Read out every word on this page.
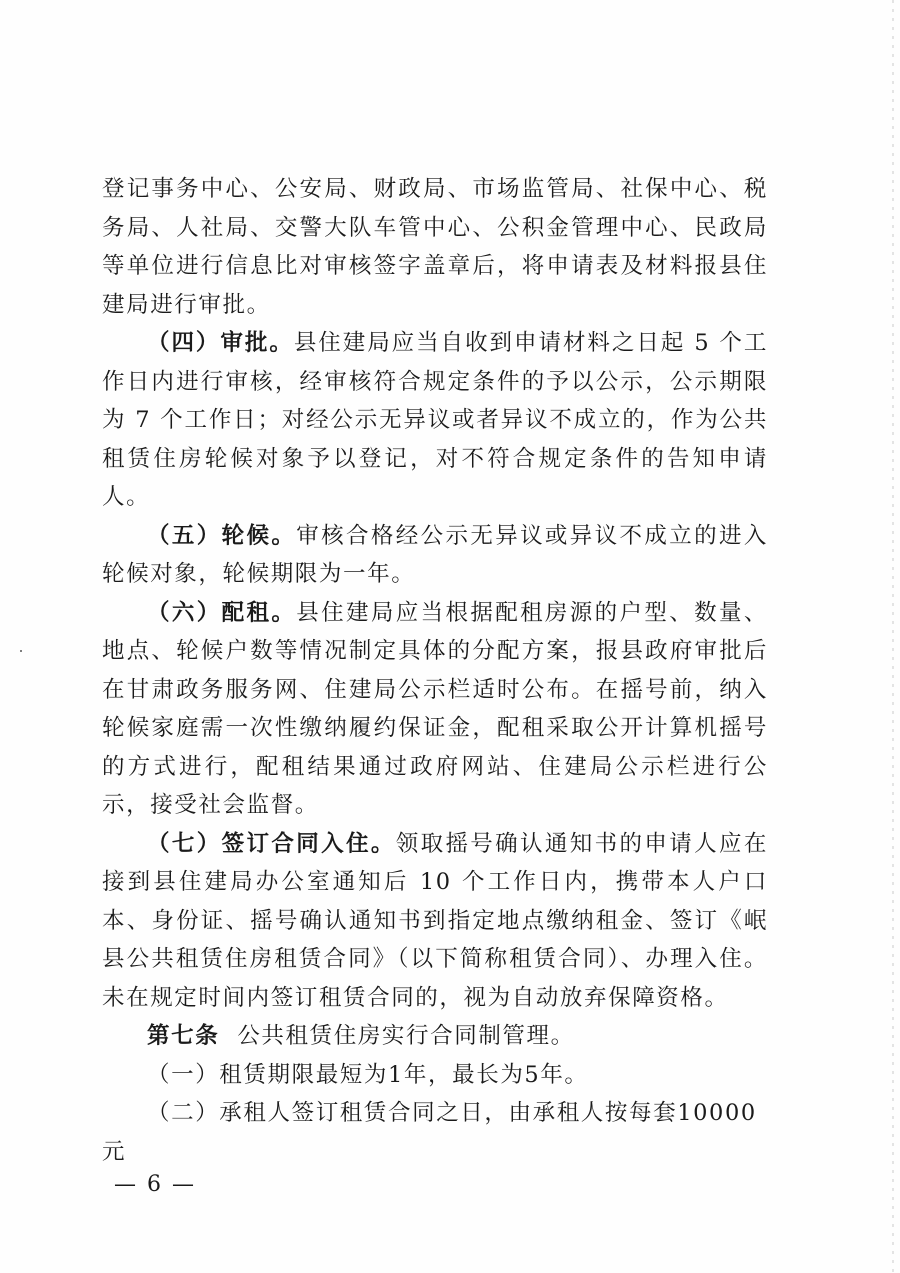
登记事务中心、公安局、财政局、市场监管局、社保中心、税务局、人社局、交警大队车管中心、公积金管理中心、民政局等单位进行信息比对审核签字盖章后，将申请表及材料报县住建局进行审批。

（四）审批。县住建局应当自收到申请材料之日起 5 个工作日内进行审核，经审核符合规定条件的予以公示，公示期限为 7 个工作日；对经公示无异议或者异议不成立的，作为公共租赁住房轮候对象予以登记，对不符合规定条件的告知申请人。

（五）轮候。审核合格经公示无异议或异议不成立的进入轮候对象，轮候期限为一年。

（六）配租。县住建局应当根据配租房源的户型、数量、地点、轮候户数等情况制定具体的分配方案，报县政府审批后在甘肃政务服务网、住建局公示栏适时公布。在摇号前，纳入轮候家庭需一次性缴纳履约保证金，配租采取公开计算机摇号的方式进行，配租结果通过政府网站、住建局公示栏进行公示，接受社会监督。

（七）签订合同入住。领取摇号确认通知书的申请人应在接到县住建局办公室通知后 10 个工作日内，携带本人户口本、身份证、摇号确认通知书到指定地点缴纳租金、签订《岷县公共租赁住房租赁合同》（以下简称租赁合同）、办理入住。未在规定时间内签订租赁合同的，视为自动放弃保障资格。

第七条 公共租赁住房实行合同制管理。

（一）租赁期限最短为1年，最长为5年。

（二）承租人签订租赁合同之日，由承租人按每套10000元

— 6 —
